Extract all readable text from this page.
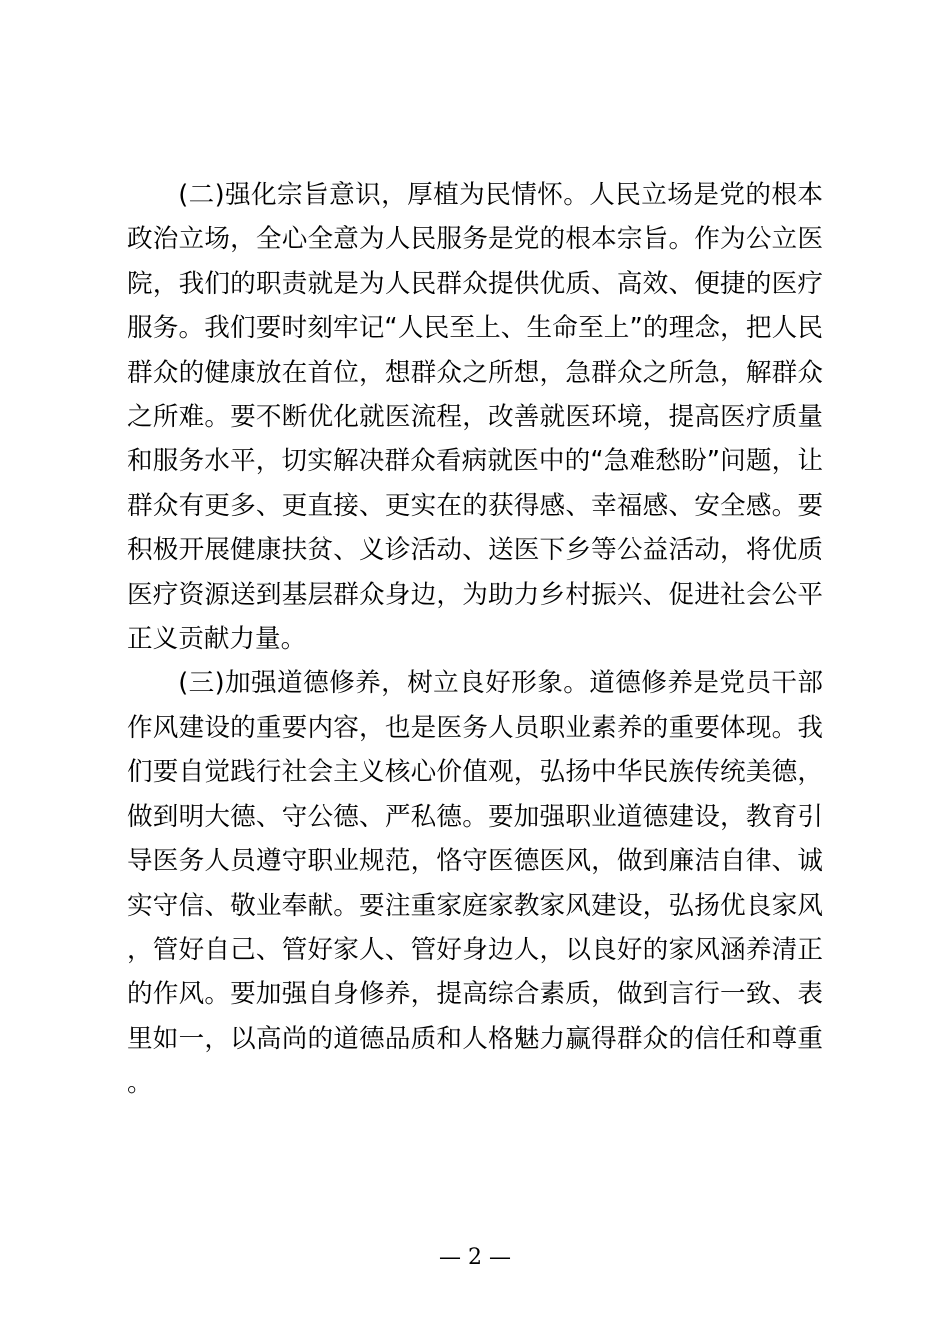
(二)强化宗旨意识，厚植为民情怀。人民立场是党的根本政治立场，全心全意为人民服务是党的根本宗旨。作为公立医院，我们的职责就是为人民群众提供优质、高效、便捷的医疗服务。我们要时刻牢记“人民至上、生命至上”的理念，把人民群众的健康放在首位，想群众之所想，急群众之所急，解群众之所难。要不断优化就医流程，改善就医环境，提高医疗质量和服务水平，切实解决群众看病就医中的“急难愁盼”问题，让群众有更多、更直接、更实在的获得感、幸福感、安全感。要积极开展健康扶贫、义诊活动、送医下乡等公益活动，将优质医疗资源送到基层群众身边，为助力乡村振兴、促进社会公平正义贡献力量。

(三)加强道德修养，树立良好形象。道德修养是党员干部作风建设的重要内容，也是医务人员职业素养的重要体现。我们要自觉践行社会主义核心价值观，弘扬中华民族传统美德，做到明大德、守公德、严私德。要加强职业道德建设，教育引导医务人员遵守职业规范，恪守医德医风，做到廉洁自律、诚实守信、敬业奉献。要注重家庭家教家风建设，弘扬优良家风，管好自己、管好家人、管好身边人，以良好的家风涵养清正的作风。要加强自身修养，提高综合素质，做到言行一致、表里如一，以高尚的道德品质和人格魅力赢得群众的信任和尊重。

— 2 —
